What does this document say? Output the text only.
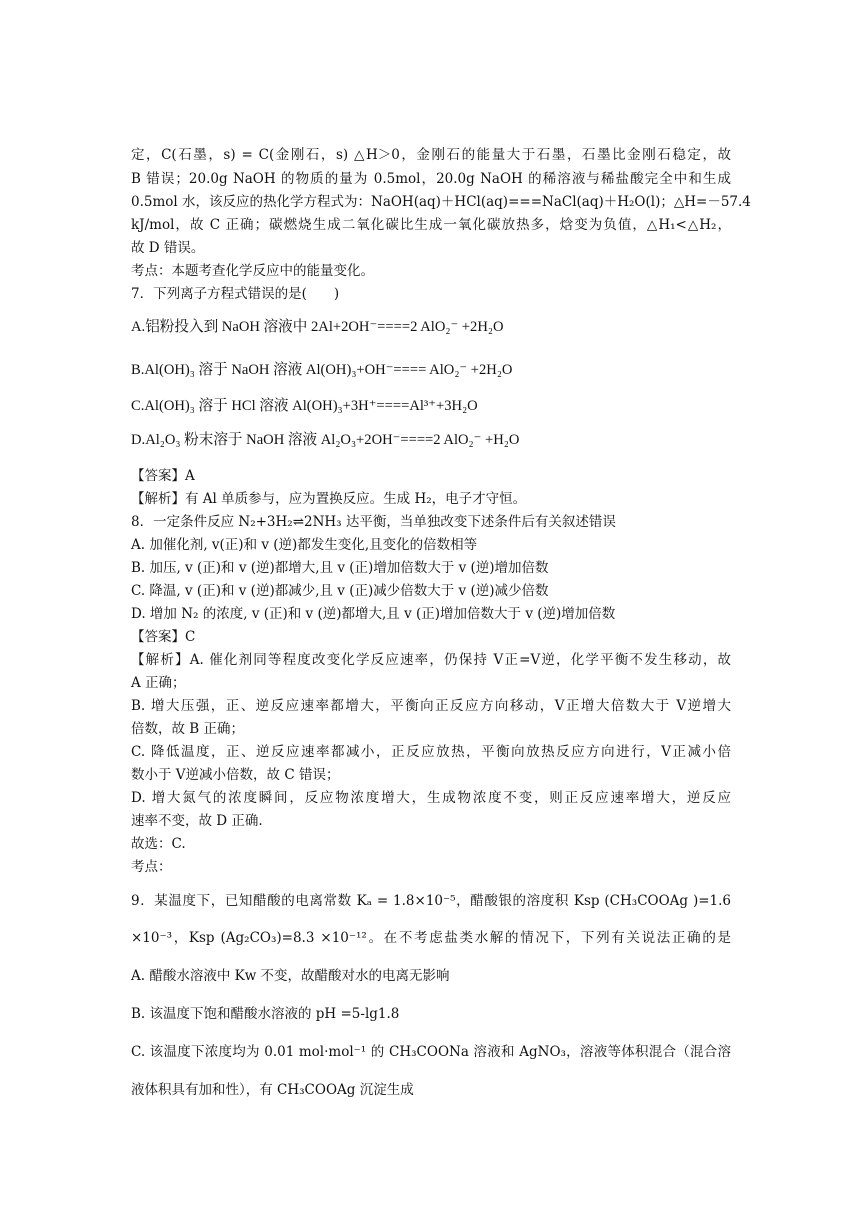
定，C(石墨，s) = C(金刚石，s) △H＞0，金刚石的能量大于石墨，石墨比金刚石稳定，故
B 错误；20.0g NaOH 的物质的量为 0.5mol，20.0g NaOH 的稀溶液与稀盐酸完全中和生成
0.5mol 水，该反应的热化学方程式为：NaOH(aq)＋HCl(aq)===NaCl(aq)＋H₂O(l)；△H=－57.4
kJ/mol，故 C 正确；碳燃烧生成二氧化碳比生成一氧化碳放热多，焓变为负值，△H₁<△H₂，
故 D 错误。
考点：本题考查化学反应中的能量变化。
7．下列离子方程式错误的是(　　)
A.铝粉投入到 NaOH 溶液中 2Al+2OH⁻====2 AlO₂⁻ +2H₂O
B.Al(OH)₃ 溶于 NaOH 溶液 Al(OH)₃+OH⁻==== AlO₂⁻ +2H₂O
C.Al(OH)₃ 溶于 HCl 溶液 Al(OH)₃+3H⁺====Al³⁺+3H₂O
D.Al₂O₃ 粉末溶于 NaOH 溶液 Al₂O₃+2OH⁻====2 AlO₂⁻ +H₂O
【答案】A
【解析】有 Al 单质参与，应为置换反应。生成 H₂，电子才守恒。
8．一定条件反应 N₂+3H₂⇌2NH₃ 达平衡，当单独改变下述条件后有关叙述错误
A. 加催化剂, v(正)和 v (逆)都发生变化,且变化的倍数相等
B. 加压, v (正)和 v (逆)都增大,且 v (正)增加倍数大于 v (逆)增加倍数
C. 降温, v (正)和 v (逆)都减少,且 v (正)减少倍数大于 v (逆)减少倍数
D. 增加 N₂ 的浓度, v (正)和 v (逆)都增大,且 v (正)增加倍数大于 v (逆)增加倍数
【答案】C
【解析】A. 催化剂同等程度改变化学反应速率，仍保持 V正=V逆，化学平衡不发生移动，故
A 正确；
B. 增大压强，正、逆反应速率都增大，平衡向正反应方向移动，V正增大倍数大于 V逆增大
倍数，故 B 正确；
C. 降低温度，正、逆反应速率都减小，正反应放热，平衡向放热反应方向进行，V正减小倍
数小于 V逆减小倍数，故 C 错误；
D. 增大氮气的浓度瞬间，反应物浓度增大，生成物浓度不变，则正反应速率增大，逆反应
速率不变，故 D 正确.
故选：C.
考点：
9．某温度下，已知醋酸的电离常数 Kₐ = 1.8×10⁻⁵，醋酸银的溶度积 Ksp (CH₃COOAg )=1.6
×10⁻³，Ksp (Ag₂CO₃)=8.3 ×10⁻¹²。在不考虑盐类水解的情况下，下列有关说法正确的是
A. 醋酸水溶液中 Kw 不变，故醋酸对水的电离无影响
B. 该温度下饱和醋酸水溶液的 pH =5-lg1.8
C. 该温度下浓度均为 0.01 mol·mol⁻¹ 的 CH₃COONa 溶液和 AgNO₃，溶液等体积混合（混合溶
液体积具有加和性），有 CH₃COOAg 沉淀生成
